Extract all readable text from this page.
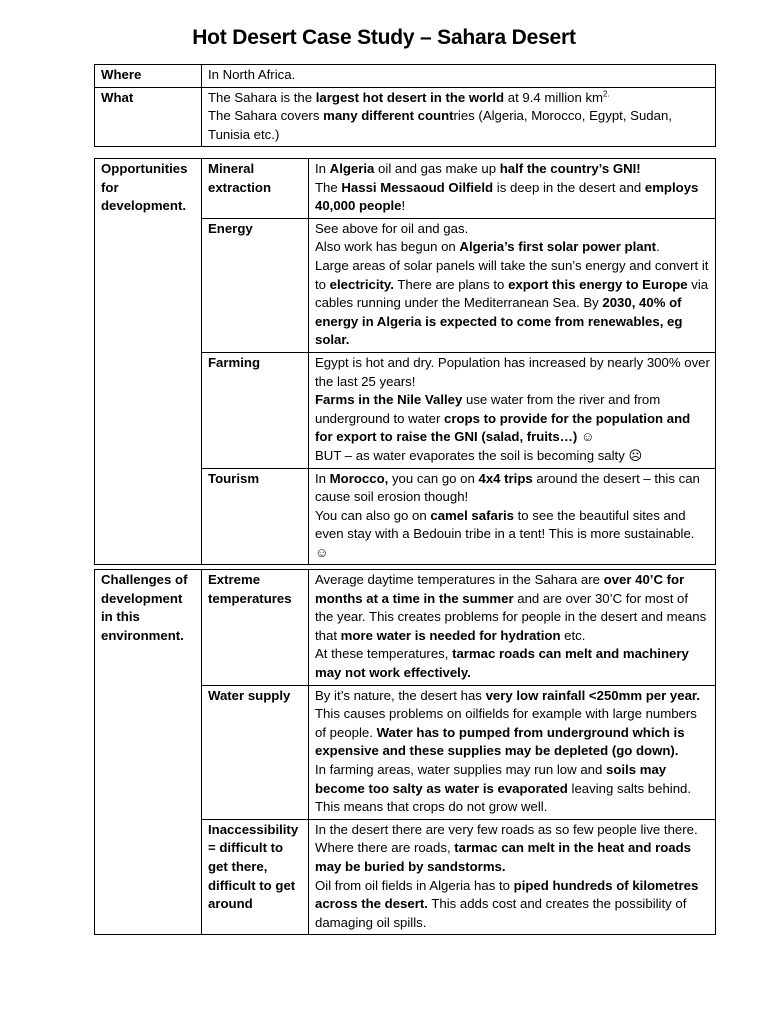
Hot Desert Case Study – Sahara Desert
Where	In North Africa.
What	The Sahara is the largest hot desert in the world at 9.4 million $km^{2.}$

The Sahara covers many different countries (Algeria, Morocco, Egypt, Sudan, Tunisia etc.)

Opportunities for development.	Mineral extraction	In Algeria oil and gas make up half the country’s GNI!

The Hassi Messaoud Oilfield is deep in the desert and employs 40,000 people!

	Energy	See above for oil and gas.

Also work has begun on Algeria’s first solar power plant.

Large areas of solar panels will take the sun’s energy and convert it to electricity. There are plans to export this energy to Europe via cables running under the Mediterranean Sea. By 2030, 40% of energy in Algeria is expected to come from renewables, eg solar.

	Farming	Egypt is hot and dry. Population has increased by nearly 300% over the last 25 years!

Farms in the Nile Valley use water from the river and from underground to water crops to provide for the population and for export to raise the GNI (salad, fruits…) ☺

BUT – as water evaporates the soil is becoming salty ☹

	Tourism	In Morocco, you can go on 4x4 trips around the desert – this can cause soil erosion though!

You can also go on camel safaris to see the beautiful sites and even stay with a Bedouin tribe in a tent! This is more sustainable. ☺

Challenges of development in this environment.	Extreme temperatures	Average daytime temperatures in the Sahara are over 40’C for months at a time in the summer and are over 30’C for most of the year. This creates problems for people in the desert and means that more water is needed for hydration etc.

At these temperatures, tarmac roads can melt and machinery may not work effectively.

	Water supply	By it’s nature, the desert has very low rainfall <250mm per year. This causes problems on oilfields for example with large numbers of people. Water has to pumped from underground which is expensive and these supplies may be depleted (go down).

In farming areas, water supplies may run low and soils may become too salty as water is evaporated leaving salts behind. This means that crops do not grow well.

	Inaccessibility = difficult to get there, difficult to get around	In the desert there are very few roads as so few people live there. Where there are roads, tarmac can melt in the heat and roads may be buried by sandstorms.

Oil from oil fields in Algeria has to piped hundreds of kilometres across the desert. This adds cost and creates the possibility of damaging oil spills.
